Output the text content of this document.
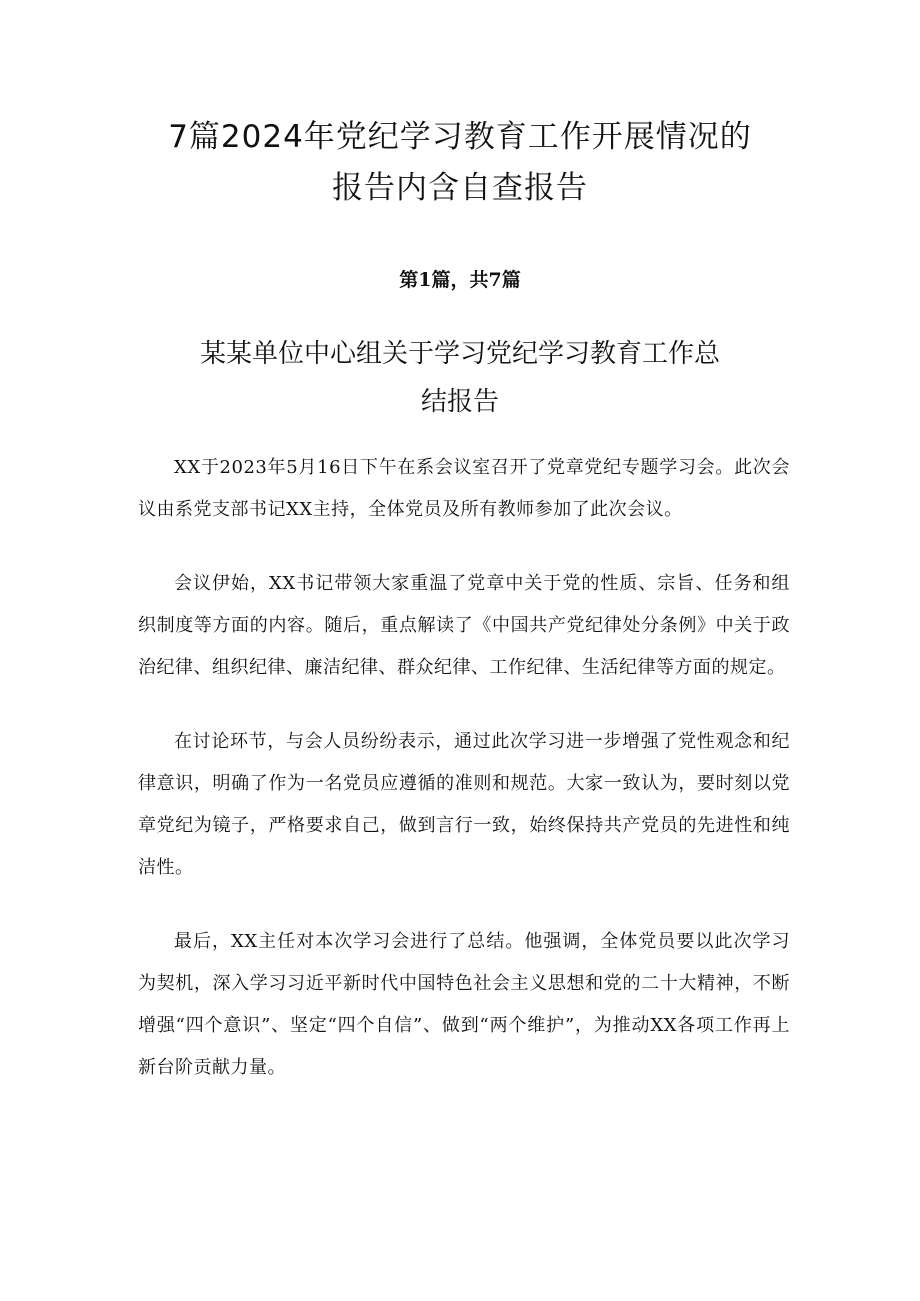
7篇2024年党纪学习教育工作开展情况的
报告内含自查报告

第1篇，共7篇

某某单位中心组关于学习党纪学习教育工作总
结报告

XX于2023年5月16日下午在系会议室召开了党章党纪专题学习会。此次会议由系党支部书记XX主持，全体党员及所有教师参加了此次会议。

会议伊始，XX书记带领大家重温了党章中关于党的性质、宗旨、任务和组织制度等方面的内容。随后，重点解读了《中国共产党纪律处分条例》中关于政治纪律、组织纪律、廉洁纪律、群众纪律、工作纪律、生活纪律等方面的规定。

在讨论环节，与会人员纷纷表示，通过此次学习进一步增强了党性观念和纪律意识，明确了作为一名党员应遵循的准则和规范。大家一致认为，要时刻以党章党纪为镜子，严格要求自己，做到言行一致，始终保持共产党员的先进性和纯洁性。

最后，XX主任对本次学习会进行了总结。他强调，全体党员要以此次学习为契机，深入学习习近平新时代中国特色社会主义思想和党的二十大精神，不断增强“四个意识”、坚定“四个自信”、做到“两个维护”，为推动XX各项工作再上新台阶贡献力量。
